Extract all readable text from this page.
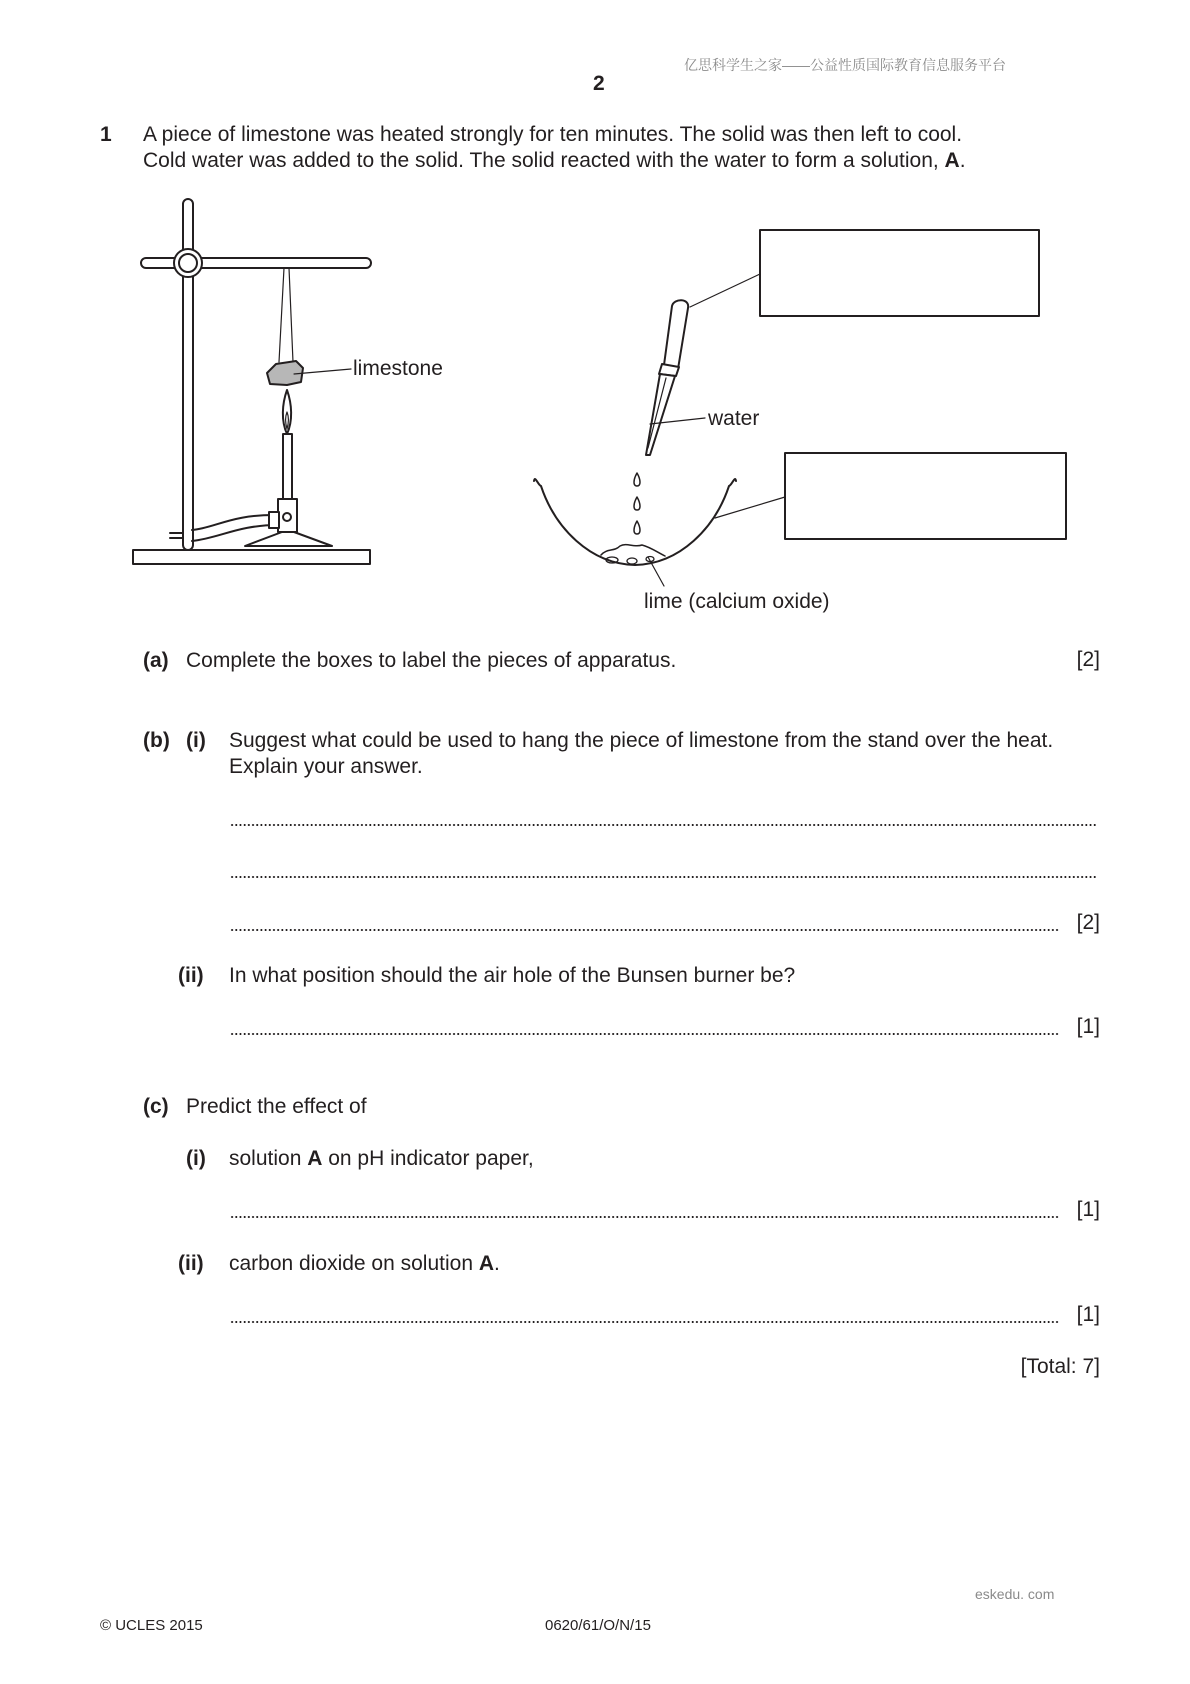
亿思科学生之家——公益性质国际教育信息服务平台
2
1 A piece of limestone was heated strongly for ten minutes. The solid was then left to cool.
Cold water was added to the solid. The solid reacted with the water to form a solution, A.
limestone
water
lime (calcium oxide)
(a) Complete the boxes to label the pieces of apparatus.	[2]
(b) (i) Suggest what could be used to hang the piece of limestone from the stand over the heat.
Explain your answer.
[2]
(ii) In what position should the air hole of the Bunsen burner be?
[1]
(c) Predict the effect of
(i) solution A on pH indicator paper,
[1]
(ii) carbon dioxide on solution A.
[1]
[Total: 7]
eskedu. com
© UCLES 2015	0620/61/O/N/15
